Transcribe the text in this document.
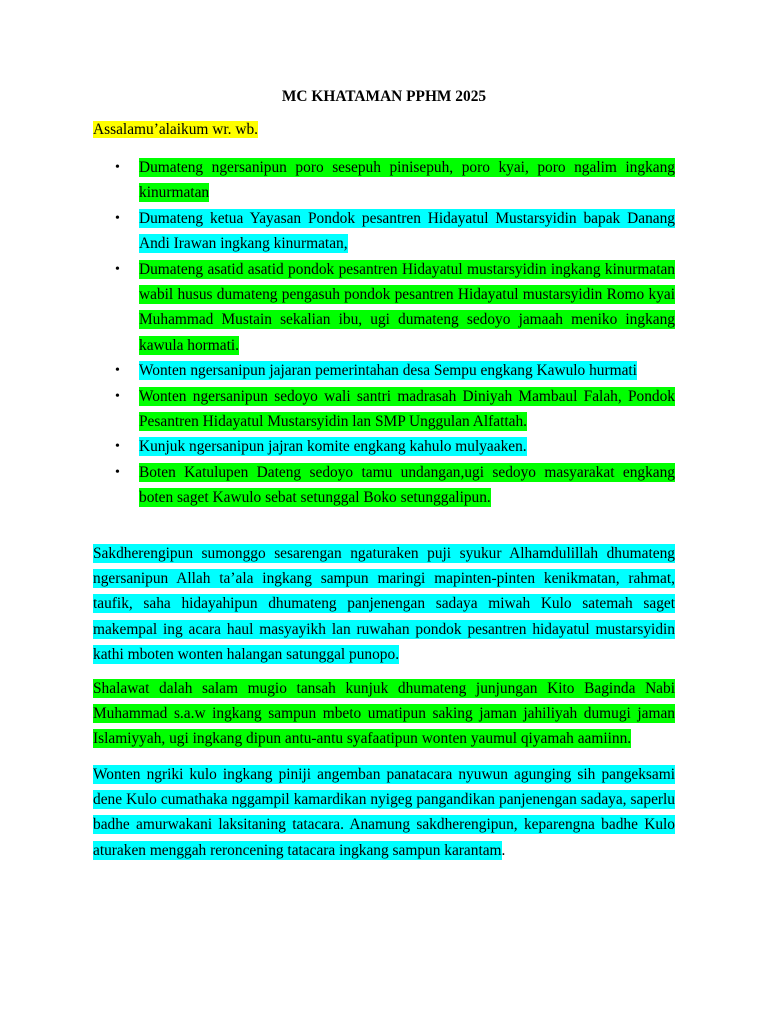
MC KHATAMAN PPHM 2025
Assalamu’alaikum wr. wb.
• Dumateng ngersanipun poro sesepuh pinisepuh, poro kyai, poro ngalim ingkang kinurmatan
• Dumateng ketua Yayasan Pondok pesantren Hidayatul Mustarsyidin bapak Danang Andi Irawan ingkang kinurmatan,
• Dumateng asatid asatid pondok pesantren Hidayatul mustarsyidin ingkang kinurmatan wabil husus dumateng pengasuh pondok pesantren Hidayatul mustarsyidin Romo kyai Muhammad Mustain sekalian ibu, ugi dumateng sedoyo jamaah meniko ingkang kawula hormati.
• Wonten ngersanipun jajaran pemerintahan desa Sempu engkang Kawulo hurmati
• Wonten ngersanipun sedoyo wali santri madrasah Diniyah Mambaul Falah, Pondok Pesantren Hidayatul Mustarsyidin lan SMP Unggulan Alfattah.
• Kunjuk ngersanipun jajran komite engkang kahulo mulyaaken.
• Boten Katulupen Dateng sedoyo tamu undangan,ugi sedoyo masyarakat engkang boten saget Kawulo sebat setunggal Boko setunggalipun.

Sakdherengipun sumonggo sesarengan ngaturaken puji syukur Alhamdulillah dhumateng ngersanipun Allah ta’ala ingkang sampun maringi mapinten-pinten kenikmatan, rahmat, taufik, saha hidayahipun dhumateng panjenengan sadaya miwah Kulo satemah saget makempal ing acara haul masyayikh lan ruwahan pondok pesantren hidayatul mustarsyidin kathi mboten wonten halangan satunggal punopo.

Shalawat dalah salam mugio tansah kunjuk dhumateng junjungan Kito Baginda Nabi Muhammad s.a.w ingkang sampun mbeto umatipun saking jaman jahiliyah dumugi jaman Islamiyyah, ugi ingkang dipun antu-antu syafaatipun wonten yaumul qiyamah aamiinn.

Wonten ngriki kulo ingkang piniji angemban panatacara nyuwun agunging sih pangeksami dene Kulo cumathaka nggampil kamardikan nyigeg pangandikan panjenengan sadaya, saperlu badhe amurwakani laksitaning tatacara. Anamung sakdherengipun, keparengna badhe Kulo aturaken menggah reroncening tatacara ingkang sampun karantam.
